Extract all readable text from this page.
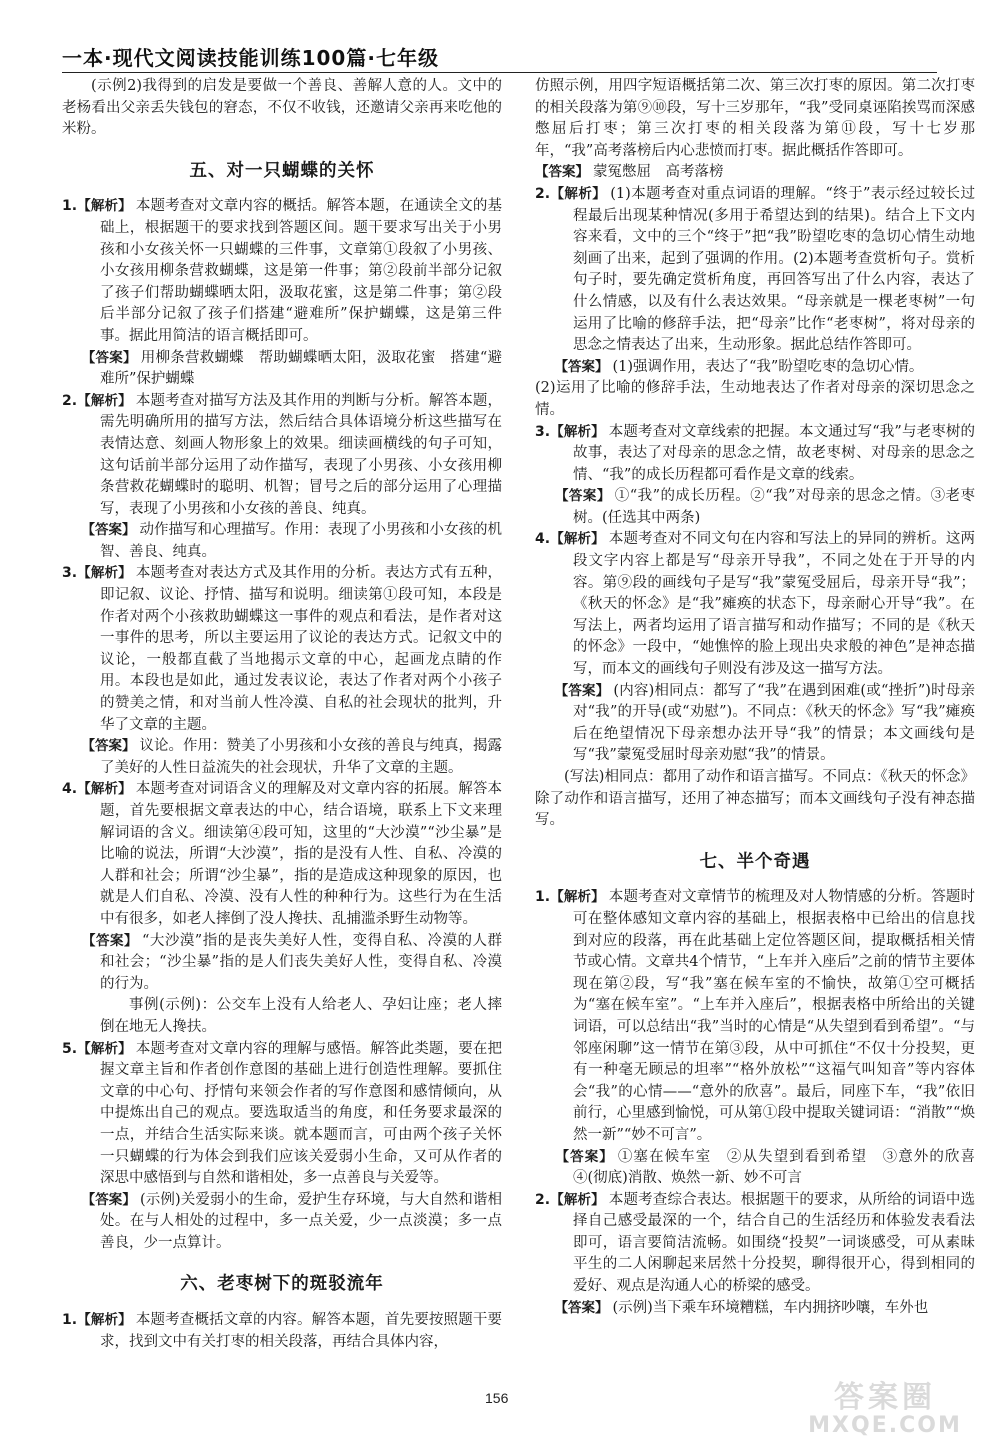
一本·现代文阅读技能训练100篇·七年级

(示例2)我得到的启发是要做一个善良、善解人意的人。文中的老杨看出父亲丢失钱包的窘态，不仅不收钱，还邀请父亲再来吃他的米粉。

五、对一只蝴蝶的关怀

1.【解析】 本题考查对文章内容的概括。解答本题，在通读全文的基础上，根据题干的要求找到答题区间。题干要求写出关于小男孩和小女孩关怀一只蝴蝶的三件事，文章第①段叙了小男孩、小女孩用柳条营救蝴蝶，这是第一件事；第②段前半部分记叙了孩子们帮助蝴蝶晒太阳，汲取花蜜，这是第二件事；第②段后半部分记叙了孩子们搭建“避难所”保护蝴蝶，这是第三件事。据此用简洁的语言概括即可。

  【答案】 用柳条营救蝴蝶　帮助蝴蝶晒太阳，汲取花蜜　搭建“避难所”保护蝴蝶

2.【解析】 本题考查对描写方法及其作用的判断与分析。解答本题，需先明确所用的描写方法，然后结合具体语境分析这些描写在表情达意、刻画人物形象上的效果。细读画横线的句子可知，这句话前半部分运用了动作描写，表现了小男孩、小女孩用柳条营救花蝴蝶时的聪明、机智；冒号之后的部分运用了心理描写，表现了小男孩和小女孩的善良、纯真。

  【答案】 动作描写和心理描写。作用：表现了小男孩和小女孩的机智、善良、纯真。

3.【解析】 本题考查对表达方式及其作用的分析。表达方式有五种，即记叙、议论、抒情、描写和说明。细读第①段可知，本段是作者对两个小孩救助蝴蝶这一事件的观点和看法，是作者对这一事件的思考，所以主要运用了议论的表达方式。记叙文中的议论，一般都直截了当地揭示文章的中心，起画龙点睛的作用。本段也是如此，通过发表议论，表达了作者对两个小孩子的赞美之情，和对当前人性冷漠、自私的社会现状的批判，升华了文章的主题。

  【答案】 议论。作用：赞美了小男孩和小女孩的善良与纯真，揭露了美好的人性日益流失的社会现状，升华了文章的主题。

4.【解析】 本题考查对词语含义的理解及对文章内容的拓展。解答本题，首先要根据文章表达的中心，结合语境，联系上下文来理解词语的含义。细读第④段可知，这里的“大沙漠”“沙尘暴”是比喻的说法，所谓“大沙漠”，指的是没有人性、自私、冷漠的人群和社会；所谓“沙尘暴”，指的是造成这种现象的原因，也就是人们自私、冷漠、没有人性的种种行为。这些行为在生活中有很多，如老人摔倒了没人搀扶、乱捕滥杀野生动物等。

  【答案】 “大沙漠”指的是丧失美好人性，变得自私、冷漠的人群和社会；“沙尘暴”指的是人们丧失美好人性，变得自私、冷漠的行为。

事例(示例)：公交车上没有人给老人、孕妇让座；老人摔倒在地无人搀扶。

5.【解析】 本题考查对文章内容的理解与感悟。解答此类题，要在把握文章主旨和作者创作意图的基础上进行创造性理解。要抓住文章的中心句、抒情句来领会作者的写作意图和感情倾向，从中提炼出自己的观点。要选取适当的角度，和任务要求最深的一点，并结合生活实际来谈。就本题而言，可由两个孩子关怀一只蝴蝶的行为体会到我们应该关爱弱小生命，又可从作者的深思中感悟到与自然和谐相处，多一点善良与关爱等。

  【答案】 (示例)关爱弱小的生命，爱护生存环境，与大自然和谐相处。在与人相处的过程中，多一点关爱，少一点淡漠；多一点善良，少一点算计。

六、老枣树下的斑驳流年

1.【解析】 本题考查概括文章的内容。解答本题，首先要按照题干要求，找到文中有关打枣的相关段落，再结合具体内容，

仿照示例，用四字短语概括第二次、第三次打枣的原因。第二次打枣的相关段落为第⑨⑩段，写十三岁那年，“我”受同桌诬陷挨骂而深感憋屈后打枣；第三次打枣的相关段落为第⑪段，写十七岁那年，“我”高考落榜后内心悲愤而打枣。据此概括作答即可。

【答案】 蒙冤憋屈　高考落榜

2.【解析】 (1)本题考查对重点词语的理解。“终于”表示经过较长过程最后出现某种情况(多用于希望达到的结果)。结合上下文内容来看，文中的三个“终于”把“我”盼望吃枣的急切心情生动地刻画了出来，起到了强调的作用。(2)本题考查赏析句子。赏析句子时，要先确定赏析角度，再回答写出了什么内容，表达了什么情感，以及有什么表达效果。“母亲就是一棵老枣树”一句运用了比喻的修辞手法，把“母亲”比作“老枣树”，将对母亲的思念之情表达了出来，生动形象。据此总结作答即可。

  【答案】 (1)强调作用，表达了“我”盼望吃枣的急切心情。

(2)运用了比喻的修辞手法，生动地表达了作者对母亲的深切思念之情。

3.【解析】 本题考查对文章线索的把握。本文通过写“我”与老枣树的故事，表达了对母亲的思念之情，故老枣树、对母亲的思念之情、“我”的成长历程都可看作是文章的线索。

  【答案】 ①“我”的成长历程。②“我”对母亲的思念之情。③老枣树。(任选其中两条)

4.【解析】 本题考查对不同文句在内容和写法上的异同的辨析。这两段文字内容上都是写“母亲开导我”，不同之处在于开导的内容。第⑨段的画线句子是写“我”蒙冤受屈后，母亲开导“我”；《秋天的怀念》是“我”瘫痪的状态下，母亲耐心开导“我”。在写法上，两者均运用了语言描写和动作描写；不同的是《秋天的怀念》一段中，“她憔悴的脸上现出央求般的神色”是神态描写，而本文的画线句子则没有涉及这一描写方法。

  【答案】 (内容)相同点：都写了“我”在遇到困难(或“挫折”)时母亲对“我”的开导(或“劝慰”)。不同点：《秋天的怀念》写“我”瘫痪后在绝望情况下母亲想办法开导“我”的情景；本文画线句是写“我”蒙冤受屈时母亲劝慰“我”的情景。

(写法)相同点：都用了动作和语言描写。不同点：《秋天的怀念》除了动作和语言描写，还用了神态描写；而本文画线句子没有神态描写。

七、半个奇遇

1.【解析】 本题考查对文章情节的梳理及对人物情感的分析。答题时可在整体感知文章内容的基础上，根据表格中已给出的信息找到对应的段落，再在此基础上定位答题区间，提取概括相关情节或心情。文章共4个情节，“上车并入座后”之前的情节主要体现在第②段，写“我”塞在候车室的不愉快，故第①空可概括为“塞在候车室”。“上车并入座后”，根据表格中所给出的关键词语，可以总结出“我”当时的心情是“从失望到看到希望”。“与邻座闲聊”这一情节在第③段，从中可抓住“不仅十分投契，更有一种毫无顾忌的坦率”“格外放松”“这福气叫知音”等内容体会“我”的心情——“意外的欣喜”。最后，同座下车，“我”依旧前行，心里感到愉悦，可从第①段中提取关键词语：“消散”“焕然一新”“妙不可言”。

  【答案】 ①塞在候车室　②从失望到看到希望　③意外的欣喜　④(彻底)消散、焕然一新、妙不可言

2.【解析】 本题考查综合表达。根据题干的要求，从所给的词语中选择自己感受最深的一个，结合自己的生活经历和体验发表看法即可，语言要简洁流畅。如围绕“投契”一词谈感受，可从素昧平生的二人闲聊起来居然十分投契，聊得很开心，得到相同的爱好、观点是沟通人心的桥梁的感受。

  【答案】 (示例)当下乘车环境糟糕，车内拥挤吵嚷，车外也

156	答案圈
MXQE.COM
